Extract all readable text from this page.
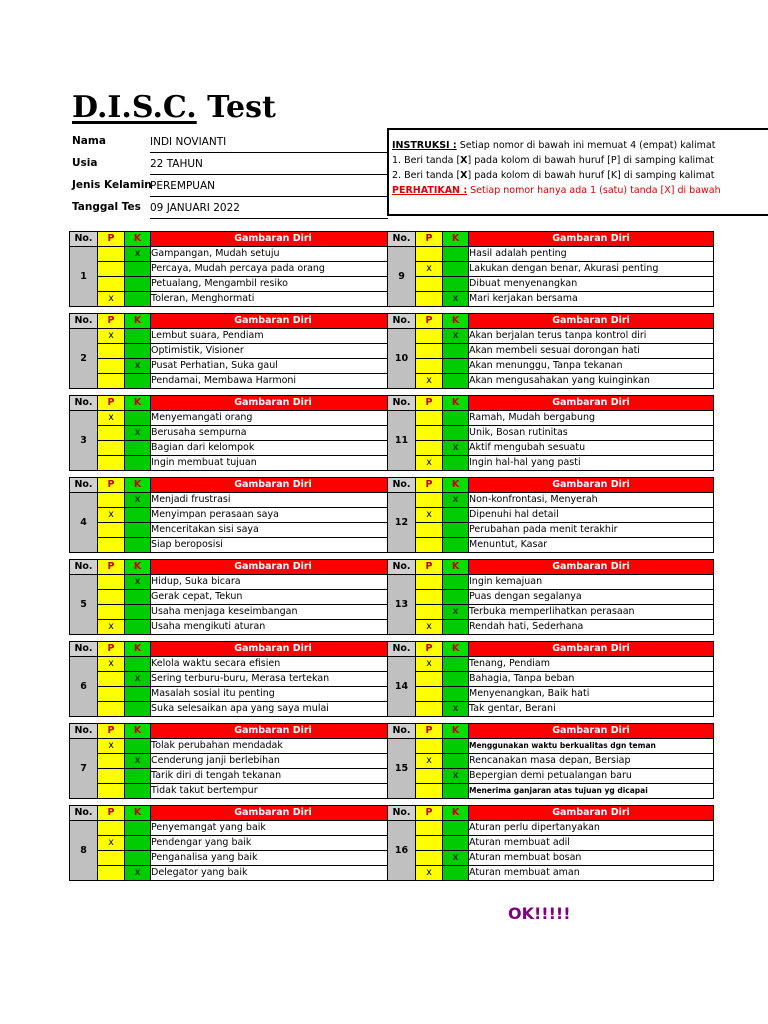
D.I.S.C. Test
Nama	INDI NOVIANTI
Usia	22 TAHUN
Jenis Kelamin
PEREMPUAN
Tanggal Tes 09 JANUARI 2022
INSTRUKSI : Setiap nomor di bawah ini memuat 4 (empat) kalimat
1. Beri tanda [X] pada kolom di bawah huruf [P] di samping kalimat
2. Beri tanda [X] pada kolom di bawah huruf [K] di samping kalimat
PERHATIKAN : Setiap nomor hanya ada 1 (satu) tanda [X] di bawah
No.	P	K	Gambaran Diri
1		x	Gampangan, Mudah setuju
			Percaya, Mudah percaya pada orang
			Petualang, Mengambil resiko
	x		Toleran, Menghormati
No.	P	K	Gambaran Diri
2	x		Lembut suara, Pendiam
			Optimistik, Visioner
		x	Pusat Perhatian, Suka gaul
			Pendamai, Membawa Harmoni
No.	P	K	Gambaran Diri
3	x		Menyemangati orang
		x	Berusaha sempurna
			Bagian dari kelompok
			Ingin membuat tujuan
No.	P	K	Gambaran Diri
4		x	Menjadi frustrasi
	x		Menyimpan perasaan saya
			Menceritakan sisi saya
			Siap beroposisi
No.	P	K	Gambaran Diri
5		x	Hidup, Suka bicara
			Gerak cepat, Tekun
			Usaha menjaga keseimbangan
	x		Usaha mengikuti aturan
No.	P	K	Gambaran Diri
6	x		Kelola waktu secara efisien
		x	Sering terburu-buru, Merasa tertekan
			Masalah sosial itu penting
			Suka selesaikan apa yang saya mulai
No.	P	K	Gambaran Diri
7	x		Tolak perubahan mendadak
		x	Cenderung janji berlebihan
			Tarik diri di tengah tekanan
			Tidak takut bertempur
No.	P	K	Gambaran Diri
8			Penyemangat yang baik
	x		Pendengar yang baik
			Penganalisa yang baik
		x	Delegator yang baik
No.	P	K	Gambaran Diri
9			Hasil adalah penting
	x		Lakukan dengan benar, Akurasi penting
			Dibuat menyenangkan
		x	Mari kerjakan bersama
No.	P	K	Gambaran Diri
10		x	Akan berjalan terus tanpa kontrol diri
			Akan membeli sesuai dorongan hati
			Akan menunggu, Tanpa tekanan
	x		Akan mengusahakan yang kuinginkan
No.	P	K	Gambaran Diri
11			Ramah, Mudah bergabung
			Unik, Bosan rutinitas
		x	Aktif mengubah sesuatu
	x		Ingin hal-hal yang pasti
No.	P	K	Gambaran Diri
12		x	Non-konfrontasi, Menyerah
	x		Dipenuhi hal detail
			Perubahan pada menit terakhir
			Menuntut, Kasar
No.	P	K	Gambaran Diri
13			Ingin kemajuan
			Puas dengan segalanya
		x	Terbuka memperlihatkan perasaan
	x		Rendah hati, Sederhana
No.	P	K	Gambaran Diri
14	x		Tenang, Pendiam
			Bahagia, Tanpa beban
			Menyenangkan, Baik hati
		x	Tak gentar, Berani
No.	P	K	Gambaran Diri
15			Menggunakan waktu berkualitas dgn teman
	x		Rencanakan masa depan, Bersiap
		x	Bepergian demi petualangan baru
			Menerima ganjaran atas tujuan yg dicapai
No.	P	K	Gambaran Diri
16			Aturan perlu dipertanyakan
			Aturan membuat adil
		x	Aturan membuat bosan
	x		Aturan membuat aman
OK!!!!!
